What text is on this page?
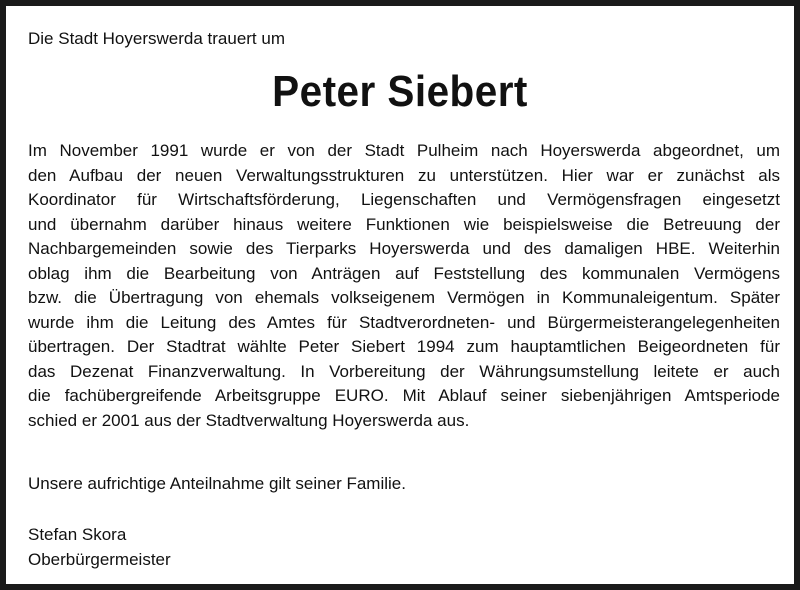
Die Stadt Hoyerswerda trauert um
Peter Siebert
Im November 1991 wurde er von der Stadt Pulheim nach Hoyerswerda abgeordnet, um
den Aufbau der neuen Verwaltungsstrukturen zu unterstützen. Hier war er zunächst als
Koordinator für Wirtschaftsförderung, Liegenschaften und Vermögensfragen eingesetzt
und übernahm darüber hinaus weitere Funktionen wie beispielsweise die Betreuung der
Nachbargemeinden sowie des Tierparks Hoyerswerda und des damaligen HBE. Weiterhin
oblag ihm die Bearbeitung von Anträgen auf Feststellung des kommunalen Vermögens
bzw. die Übertragung von ehemals volkseigenem Vermögen in Kommunaleigentum. Später
wurde ihm die Leitung des Amtes für Stadtverordneten- und Bürgermeisterangelegenheiten
übertragen. Der Stadtrat wählte Peter Siebert 1994 zum hauptamtlichen Beigeordneten für
das Dezenat Finanzverwaltung. In Vorbereitung der Währungsumstellung leitete er auch
die fachübergreifende Arbeitsgruppe EURO. Mit Ablauf seiner siebenjährigen Amtsperiode
schied er 2001 aus der Stadtverwaltung Hoyerswerda aus.
Unsere aufrichtige Anteilnahme gilt seiner Familie.
Stefan Skora
Oberbürgermeister
